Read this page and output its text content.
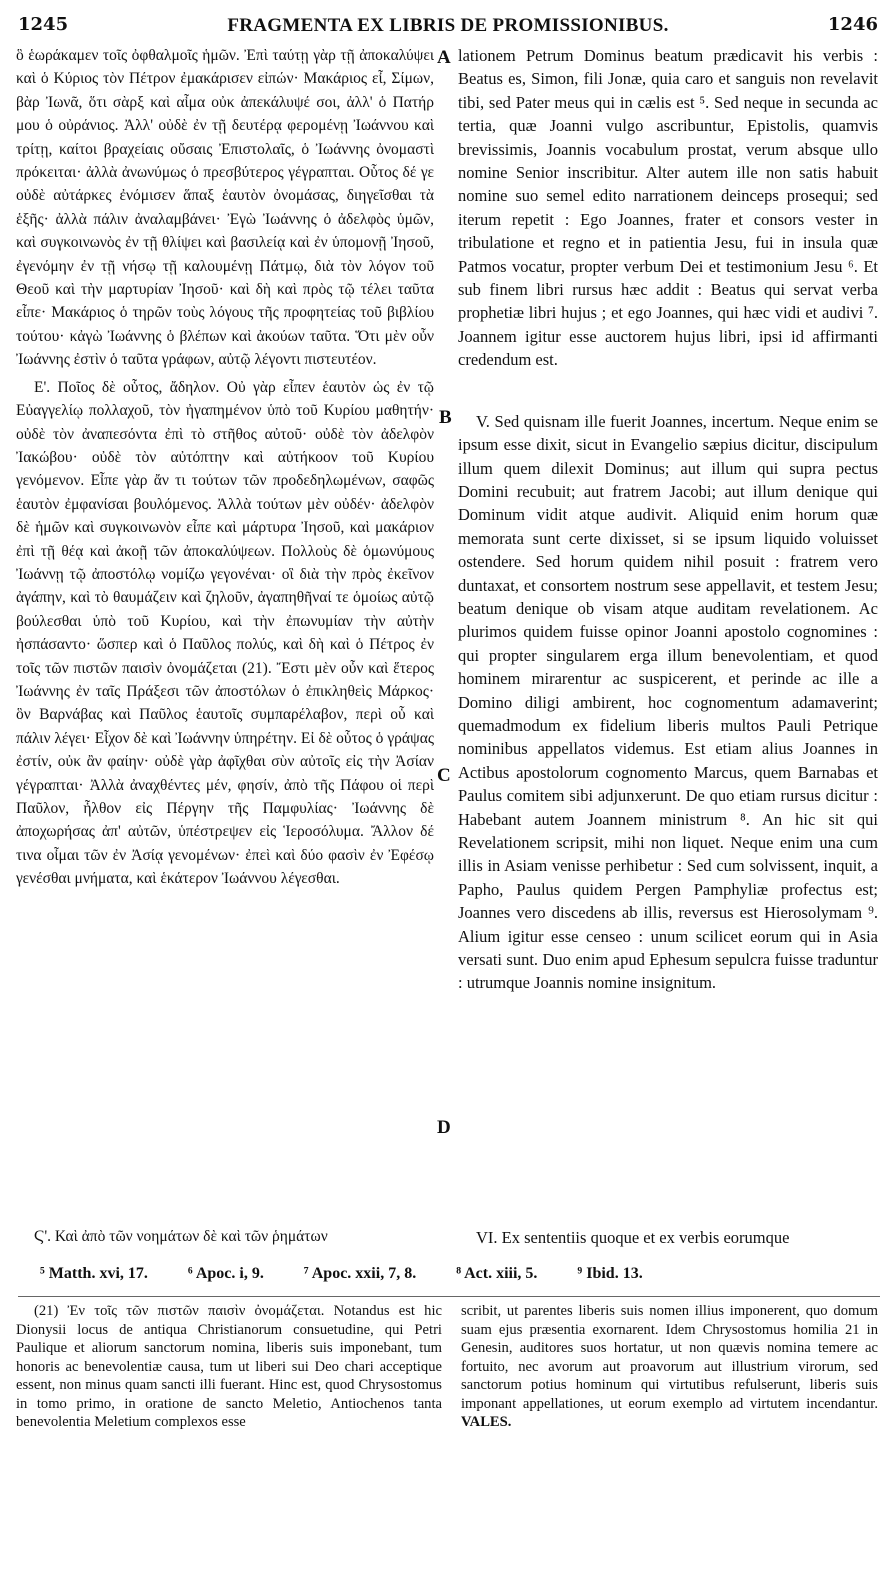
1245	FRAGMENTA EX LIBRIS DE PROMISSIONIBUS.	1246

ὃ ἑωράκαμεν τοῖς ὀφθαλμοῖς ἡμῶν. Ἐπὶ ταύτῃ γὰρ τῇ ἀποκαλύψει καὶ ὁ Κύριος τὸν Πέτρον ἐμακάρισεν εἰπών· Μακάριος εἶ, Σίμων, βὰρ Ἰωνᾶ, ὅτι σὰρξ καὶ αἷμα οὐκ ἀπεκάλυψέ σοι, ἀλλ' ὁ Πατήρ μου ὁ οὐράνιος. Ἀλλ' οὐδὲ ἐν τῇ δευτέρᾳ φερομένῃ Ἰωάννου καὶ τρίτῃ, καίτοι βραχείαις οὔσαις Ἐπιστολαῖς, ὁ Ἰωάννης ὀνομαστὶ πρόκειται· ἀλλὰ ἀνωνύμως ὁ πρεσβύτερος γέγραπται. Οὗτος δέ γε οὐδὲ αὐτάρκες ἐνόμισεν ἅπαξ ἑαυτὸν ὀνομάσας, διηγεῖσθαι τὰ ἑξῆς· ἀλλὰ πάλιν ἀναλαμβάνει· Ἐγὼ Ἰωάννης ὁ ἀδελφὸς ὑμῶν, καὶ συγκοινωνὸς ἐν τῇ θλίψει καὶ βασιλείᾳ καὶ ἐν ὑπομονῇ Ἰησοῦ, ἐγενόμην ἐν τῇ νήσῳ τῇ καλουμένῃ Πάτμῳ, διὰ τὸν λόγον τοῦ Θεοῦ καὶ τὴν μαρτυρίαν Ἰησοῦ· καὶ δὴ καὶ πρὸς τῷ τέλει ταῦτα εἶπε· Μακάριος ὁ τηρῶν τοὺς λόγους τῆς προφητείας τοῦ βιβλίου τούτου· κἀγὼ Ἰωάννης ὁ βλέπων καὶ ἀκούων ταῦτα. Ὅτι μὲν οὖν Ἰωάννης ἐστὶν ὁ ταῦτα γράφων, αὐτῷ λέγοντι πιστευτέον.

Ε'. Ποῖος δὲ οὗτος, ἄδηλον. Οὐ γὰρ εἶπεν ἑαυτὸν ὡς ἐν τῷ Εὐαγγελίῳ πολλαχοῦ, τὸν ἠγαπημένον ὑπὸ τοῦ Κυρίου μαθητήν· οὐδὲ τὸν ἀναπεσόντα ἐπὶ τὸ στῆθος αὐτοῦ· οὐδὲ τὸν ἀδελφὸν Ἰακώβου· οὐδὲ τὸν αὐτόπτην καὶ αὐτήκοον τοῦ Κυρίου γενόμενον. Εἶπε γὰρ ἄν τι τούτων τῶν προδεδηλωμένων, σαφῶς ἑαυτὸν ἐμφανίσαι βουλόμενος. Ἀλλὰ τούτων μὲν οὐδέν· ἀδελφὸν δὲ ἡμῶν καὶ συγκοινωνὸν εἶπε καὶ μάρτυρα Ἰησοῦ, καὶ μακάριον ἐπὶ τῇ θέᾳ καὶ ἀκοῇ τῶν ἀποκαλύψεων. Πολλοὺς δὲ ὁμωνύμους Ἰωάννῃ τῷ ἀποστόλῳ νομίζω γεγονέναι· οἳ διὰ τὴν πρὸς ἐκεῖνον ἀγάπην, καὶ τὸ θαυμάζειν καὶ ζηλοῦν, ἀγαπηθῆναί τε ὁμοίως αὐτῷ βούλεσθαι ὑπὸ τοῦ Κυρίου, καὶ τὴν ἐπωνυμίαν τὴν αὐτὴν ἠσπάσαντο· ὥσπερ καὶ ὁ Παῦλος πολύς, καὶ δὴ καὶ ὁ Πέτρος ἐν τοῖς τῶν πιστῶν παισὶν ὀνομάζεται (21). Ἔστι μὲν οὖν καὶ ἕτερος Ἰωάννης ἐν ταῖς Πράξεσι τῶν ἀποστόλων ὁ ἐπικληθεὶς Μάρκος· ὃν Βαρνάβας καὶ Παῦλος ἑαυτοῖς συμπαρέλαβον, περὶ οὗ καὶ πάλιν λέγει· Εἶχον δὲ καὶ Ἰωάννην ὑπηρέτην. Εἰ δὲ οὗτος ὁ γράψας ἐστίν, οὐκ ἂν φαίην· οὐδὲ γὰρ ἀφῖχθαι σὺν αὐτοῖς εἰς τὴν Ἀσίαν γέγραπται· Ἀλλὰ ἀναχθέντες μέν, φησίν, ἀπὸ τῆς Πάφου οἱ περὶ Παῦλον, ἦλθον εἰς Πέργην τῆς Παμφυλίας· Ἰωάννης δὲ ἀποχωρήσας ἀπ' αὐτῶν, ὑπέστρεψεν εἰς Ἱεροσόλυμα. Ἄλλον δέ τινα οἶμαι τῶν ἐν Ἀσίᾳ γενομένων· ἐπεὶ καὶ δύο φασὶν ἐν Ἐφέσῳ γενέσθαι μνήματα, καὶ ἑκάτερον Ἰωάννου λέγεσθαι.

Ϛ'. Καὶ ἀπὸ τῶν νοημάτων δὲ καὶ τῶν ῥημάτων

A
B
C
D

lationem Petrum Dominus beatum prædicavit his verbis : Beatus es, Simon, fili Jonæ, quia caro et sanguis non revelavit tibi, sed Pater meus qui in cælis est ⁵. Sed neque in secunda ac tertia, quæ Joanni vulgo ascribuntur, Epistolis, quamvis brevissimis, Joannis vocabulum prostat, verum absque ullo nomine Senior inscribitur. Alter autem ille non satis habuit nomine suo semel edito narrationem deinceps prosequi; sed iterum repetit : Ego Joannes, frater et consors vester in tribulatione et regno et in patientia Jesu, fui in insula quæ Patmos vocatur, propter verbum Dei et testimonium Jesu ⁶. Et sub finem libri rursus hæc addit : Beatus qui servat verba prophetiæ libri hujus ; et ego Joannes, qui hæc vidi et audivi ⁷. Joannem igitur esse auctorem hujus libri, ipsi id affirmanti credendum est.

V. Sed quisnam ille fuerit Joannes, incertum. Neque enim se ipsum esse dixit, sicut in Evangelio sæpius dicitur, discipulum illum quem dilexit Dominus; aut illum qui supra pectus Domini recubuit; aut fratrem Jacobi; aut illum denique qui Dominum vidit atque audivit. Aliquid enim horum quæ memorata sunt certe dixisset, si se ipsum liquido voluisset ostendere. Sed horum quidem nihil posuit : fratrem vero duntaxat, et consortem nostrum sese appellavit, et testem Jesu; beatum denique ob visam atque auditam revelationem. Ac plurimos quidem fuisse opinor Joanni apostolo cognomines : qui propter singularem erga illum benevolentiam, et quod hominem mirarentur ac suspicerent, et perinde ac ille a Domino diligi ambirent, hoc cognomentum adamaverint; quemadmodum ex fidelium liberis multos Pauli Petrique nominibus appellatos videmus. Est etiam alius Joannes in Actibus apostolorum cognomento Marcus, quem Barnabas et Paulus comitem sibi adjunxerunt. De quo etiam rursus dicitur : Habebant autem Joannem ministrum ⁸. An hic sit qui Revelationem scripsit, mihi non liquet. Neque enim una cum illis in Asiam venisse perhibetur : Sed cum solvissent, inquit, a Papho, Paulus quidem Pergen Pamphyliæ profectus est; Joannes vero discedens ab illis, reversus est Hierosolymam ⁹. Alium igitur esse censeo : unum scilicet eorum qui in Asia versati sunt. Duo enim apud Ephesum sepulcra fuisse traduntur : utrumque Joannis nomine insignitum.

VI. Ex sententiis quoque et ex verbis eorumque

⁵ Matth. xvi, 17.	⁶ Apoc. i, 9.	⁷ Apoc. xxii, 7, 8.	⁸ Act. xiii, 5.	⁹ Ibid. 13.
(21) Ἐν τοῖς τῶν πιστῶν παισὶν ὀνομάζεται. Notandus est hic Dionysii locus de antiqua Christianorum consuetudine, qui Petri Paulique et aliorum sanctorum nomina, liberis suis imponebant, tum honoris ac benevolentiæ causa, tum ut liberi sui Deo chari acceptique essent, non minus quam sancti illi fuerant. Hinc est, quod Chrysostomus in tomo primo, in oratione de sancto Meletio, Antiochenos tanta benevolentia Meletium complexos esse
scribit, ut parentes liberis suis nomen illius imponerent, quo domum suam ejus præsentia exornarent. Idem Chrysostomus homilia 21 in Genesin, auditores suos hortatur, ut non quævis nomina temere ac fortuito, nec avorum aut proavorum aut illustrium virorum, sed sanctorum potius hominum qui virtutibus refulserunt, liberis suis imponant appellationes, ut eorum exemplo ad virtutem incendantur. VALES.
